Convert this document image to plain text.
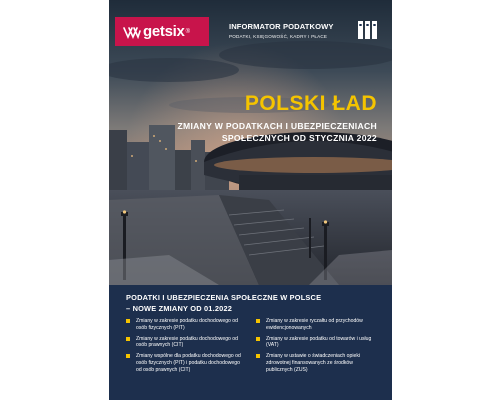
getsix ®
INFORMATOR PODATKOWY
PODATKI, KSIĘGOWOŚĆ, KADRY I PŁACE
POLSKI ŁAD
ZMIANY W PODATKACH I UBEZPIECZENIACH
SPOŁECZNYCH OD STYCZNIA 2022
PODATKI I UBEZPIECZENIA SPOŁECZNE W POLSCE
– NOWE ZMIANY OD 01.2022
Zmiany w zakresie podatku dochodowego od osób fizycznych (PIT)
Zmiany w zakresie podatku dochodowego od osób prawnych (CIT)
Zmiany wspólne dla podatku dochodowego od osób fizycznych (PIT) i podatku dochodowego od osób prawnych (CIT)
Zmiany w zakresie ryczałtu od przychodów ewidencjonowanych
Zmiany w zakresie podatku od towarów i usług (VAT)
Zmiany w ustawie o świadczeniach opieki zdrowotnej finansowanych ze środków publicznych (ZUS)
